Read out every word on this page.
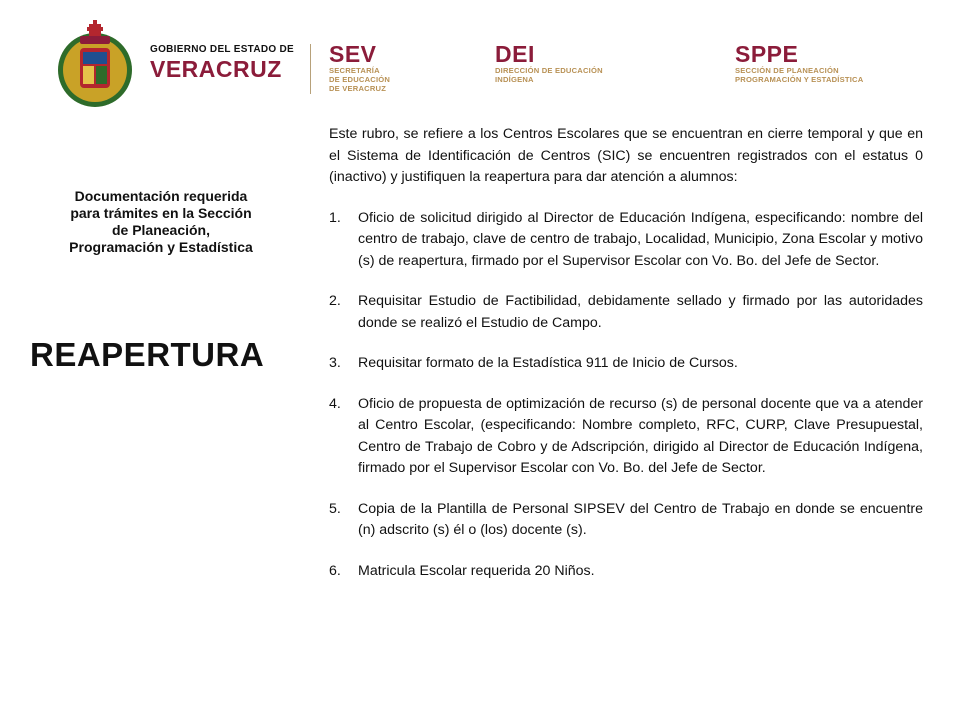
GOBIERNO DEL ESTADO DE
VERACRUZ
SEV
SECRETARÍA
DE EDUCACIÓN
DE VERACRUZ
DEI
DIRECCIÓN DE EDUCACIÓN
INDÍGENA
SPPE
SECCIÓN DE PLANEACIÓN
PROGRAMACIÓN Y ESTADÍSTICA
Documentación requerida
para trámites en la Sección
de Planeación,
Programación y Estadística
REAPERTURA

Este rubro, se refiere a los Centros Escolares que se encuentran en cierre temporal y que en el Sistema de Identificación de Centros (SIC) se encuentren registrados con el estatus 0 (inactivo) y justifiquen la reapertura para dar atención a alumnos:

1.	Oficio de solicitud dirigido al Director de Educación Indígena, especificando: nombre del centro de trabajo, clave de centro de trabajo, Localidad, Municipio, Zona Escolar y motivo (s) de reapertura, firmado por el Supervisor Escolar con Vo. Bo. del Jefe de Sector.
2.	Requisitar Estudio de Factibilidad, debidamente sellado y firmado por las autoridades donde se realizó el Estudio de Campo.
3.	Requisitar formato de la Estadística 911 de Inicio de Cursos.
4.	Oficio de propuesta de optimización de recurso (s) de personal docente que va a atender al Centro Escolar, (especificando: Nombre completo, RFC, CURP, Clave Presupuestal, Centro de Trabajo de Cobro y de Adscripción, dirigido al Director de Educación Indígena, firmado por el Supervisor Escolar con Vo. Bo. del Jefe de Sector.
5.	Copia de la Plantilla de Personal SIPSEV del Centro de Trabajo en donde se encuentre (n) adscrito (s) él o (los) docente (s).
6.	Matricula Escolar requerida 20 Niños.
